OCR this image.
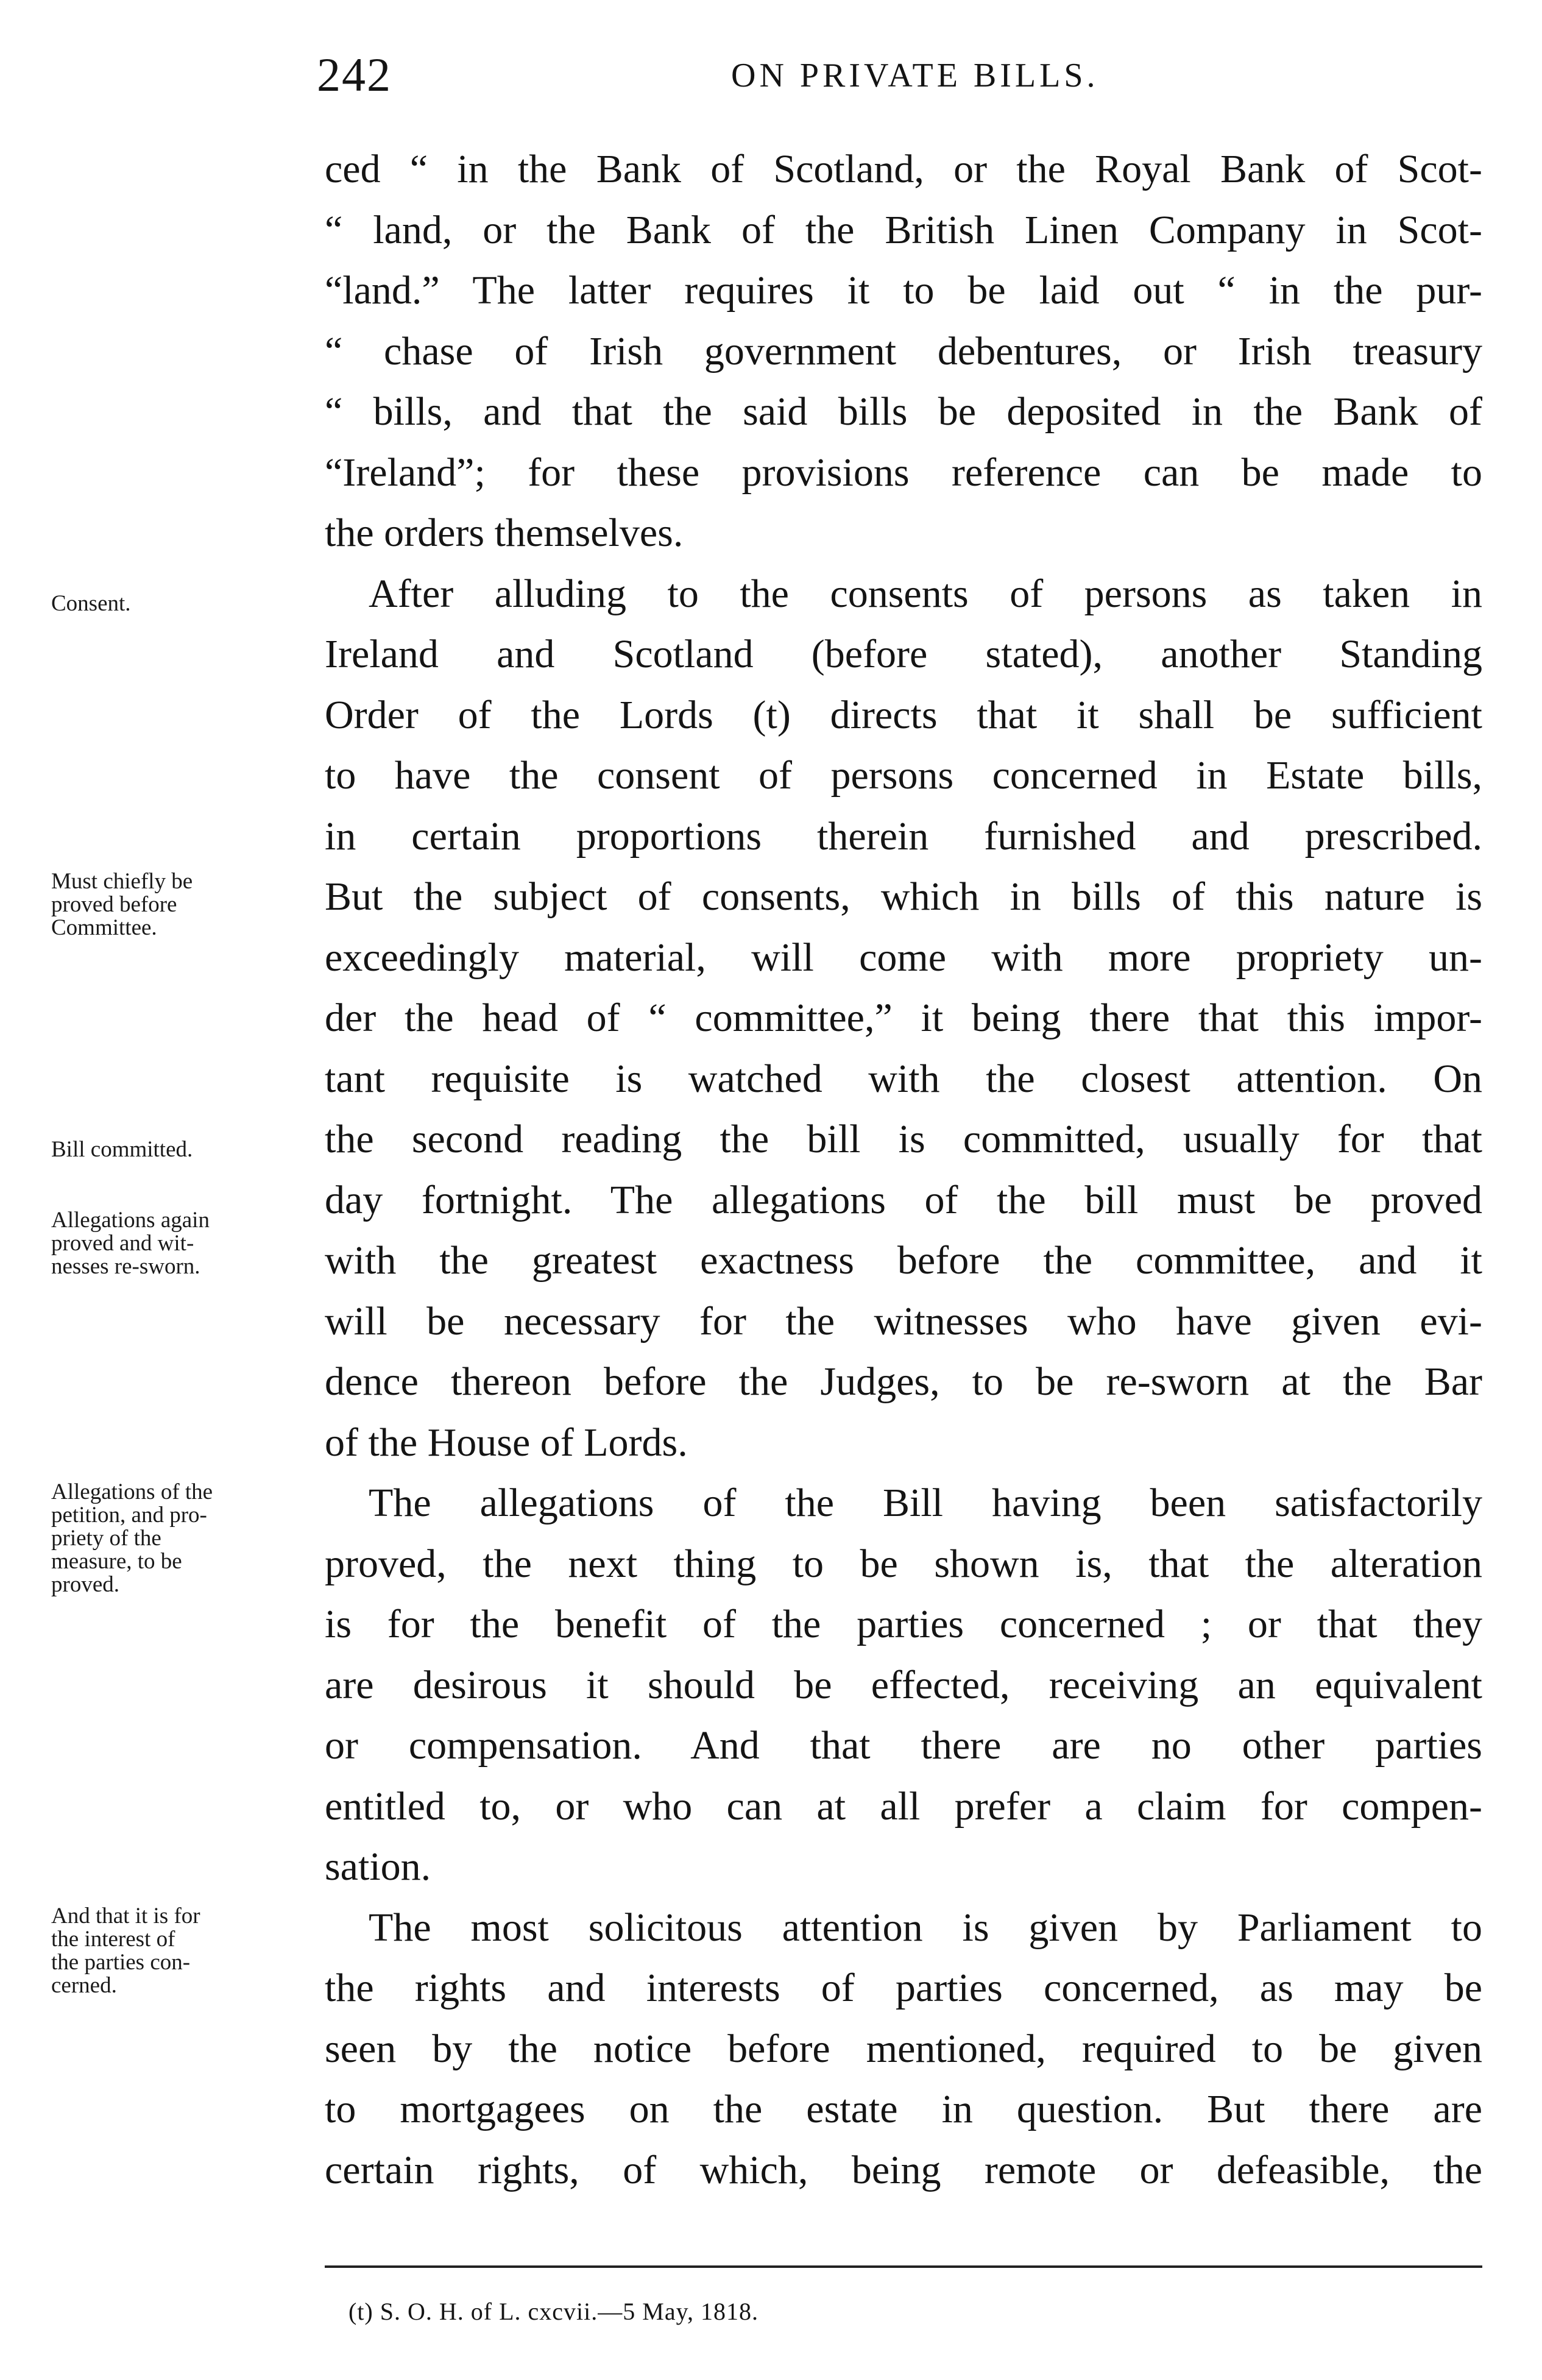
242	ON PRIVATE BILLS.
ced “ in the Bank of Scotland, or the Royal Bank of Scot-
“ land, or the Bank of the British Linen Company in Scot-
“land.” The latter requires it to be laid out “ in the pur-
“ chase of Irish government debentures, or Irish treasury
“ bills, and that the said bills be deposited in the Bank of
“Ireland”; for these provisions reference can be made to
the orders themselves.
After alluding to the consents of persons as taken in
Ireland and Scotland (before stated), another Standing
Order of the Lords (t) directs that it shall be sufficient
to have the consent of persons concerned in Estate bills,
in certain proportions therein furnished and prescribed.
But the subject of consents, which in bills of this nature is
exceedingly material, will come with more propriety un-
der the head of “ committee,” it being there that this impor-
tant requisite is watched with the closest attention. On
the second reading the bill is committed, usually for that
day fortnight. The allegations of the bill must be proved
with the greatest exactness before the committee, and it
will be necessary for the witnesses who have given evi-
dence thereon before the Judges, to be re-sworn at the Bar
of the House of Lords.
The allegations of the Bill having been satisfactorily
proved, the next thing to be shown is, that the alteration
is for the benefit of the parties concerned ; or that they
are desirous it should be effected, receiving an equivalent
or compensation. And that there are no other parties
entitled to, or who can at all prefer a claim for compen-
sation.
The most solicitous attention is given by Parliament to
the rights and interests of parties concerned, as may be
seen by the notice before mentioned, required to be given
to mortgagees on the estate in question. But there are
certain rights, of which, being remote or defeasible, the
Consent.
Must chiefly be
proved before
Committee.
Bill committed.
Allegations again
proved and wit-
nesses re-sworn.
Allegations of the
petition, and pro-
priety of the
measure, to be
proved.
And that it is for
the interest of
the parties con-
cerned.
(t) S. O. H. of L. cxcvii.—5 May, 1818.
